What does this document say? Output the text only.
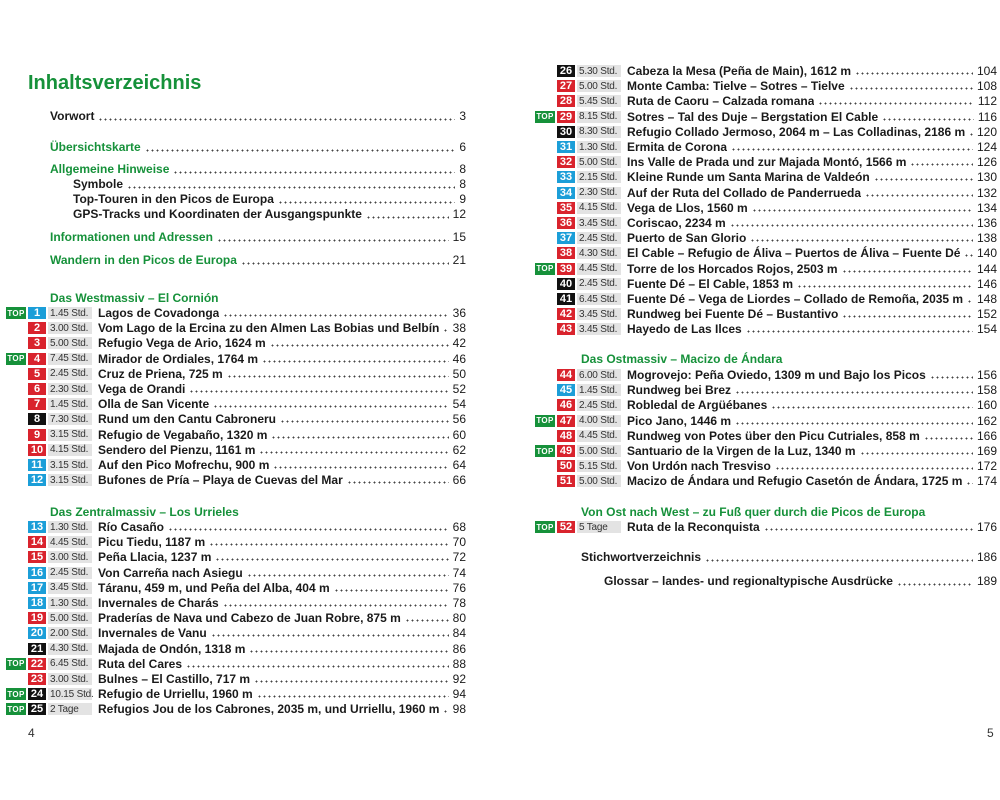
Inhaltsverzeichnis
Vorwort	3
Übersichtskarte	6
Allgemeine Hinweise	8
Symbole	8
Top-Touren in den Picos de Europa	9
GPS-Tracks und Koordinaten der Ausgangspunkte	12
Informationen und Adressen	15
Wandern in den Picos de Europa	21
Das Westmassiv – El Cornión
Das Zentralmassiv – Los Urrieles
TOP 1 1.45 Std. Lagos de Covadonga	36
2 3.00 Std. Vom Lago de la Ercina zu den Almen Las Bobias und Belbín 38
3 5.00 Std. Refugio Vega de Ario, 1624 m	42
TOP 4 7.45 Std. Mirador de Ordiales, 1764 m	46
5 2.45 Std. Cruz de Priena, 725 m	50
6 2.30 Std. Vega de Orandi	52
7 1.45 Std. Olla de San Vicente	54
8 7.30 Std. Rund um den Cantu Cabroneru	56
9 3.15 Std. Refugio de Vegabaño, 1320 m	60
10 4.15 Std. Sendero del Pienzu, 1161 m	62
11 3.15 Std. Auf den Pico Mofrechu, 900 m	64
12 3.15 Std. Bufones de Pría – Playa de Cuevas del Mar	66
13 1.30 Std. Río Casaño	68
14 4.45 Std. Picu Tiedu, 1187 m	70
15 3.00 Std. Peña Llacia, 1237 m	72
16 2.45 Std. Von Carreña nach Asiegu	74
17 3.45 Std. Táranu, 459 m, und Peña del Alba, 404 m	76
18 1.30 Std. Invernales de Charás	78
19 5.00 Std. Praderías de Nava und Cabezo de Juan Robre, 875 m	80
20 2.00 Std. Invernales de Vanu	84
21 4.30 Std. Majada de Ondón, 1318 m	86
TOP 22 6.45 Std. Ruta del Cares	88
23 3.00 Std. Bulnes – El Castillo, 717 m	92
TOP 24 10.15 Std. Refugio de Urriellu, 1960 m	94
TOP 25 2 Tage	Refugios Jou de los Cabrones, 2035 m, und Urriellu, 1960 m 98
4
26 5.30 Std. Cabeza la Mesa (Peña de Main), 1612 m	104
27 5.00 Std. Monte Camba: Tielve – Sotres – Tielve	108
28 5.45 Std. Ruta de Caoru – Calzada romana	112
TOP 29 8.15 Std. Sotres – Tal des Duje – Bergstation El Cable	116
30 8.30 Std. Refugio Collado Jermoso, 2064 m – Las Colladinas, 2186 m 120
31 1.30 Std. Ermita de Corona	124
32 5.00 Std. Ins Valle de Prada und zur Majada Montó, 1566 m	126
33 2.15 Std. Kleine Runde um Santa Marina de Valdeón	130
34 2.30 Std. Auf der Ruta del Collado de Panderrueda	132
35 4.15 Std. Vega de Llos, 1560 m	134
36 3.45 Std. Coriscao, 2234 m	136
37 2.45 Std. Puerto de San Glorio	138
38 4.30 Std. El Cable – Refugio de Áliva – Puertos de Áliva – Fuente Dé 140
TOP 39 4.45 Std. Torre de los Horcados Rojos, 2503 m	144
40 2.45 Std. Fuente Dé – El Cable, 1853 m	146
41 6.45 Std. Fuente Dé – Vega de Liordes – Collado de Remoña, 2035 m 148
42 3.45 Std. Rundweg bei Fuente Dé – Bustantivo	152
43 3.45 Std. Hayedo de Las Ilces	154
44 6.00 Std. Mogrovejo: Peña Oviedo, 1309 m und Bajo los Picos	156
45 1.45 Std. Rundweg bei Brez	158
46 2.45 Std. Robledal de Argüébanes	160
TOP 47 4.00 Std. Pico Jano, 1446 m	162
48 4.45 Std. Rundweg von Potes über den Picu Cutriales, 858 m	166
TOP 49 5.00 Std. Santuario de la Virgen de la Luz, 1340 m	169
50 5.15 Std. Von Urdón nach Tresviso	172
51 5.00 Std. Macizo de Ándara und Refugio Casetón de Ándara, 1725 m 174
TOP 52 5 Tage	Ruta de la Reconquista	176
Das Ostmassiv – Macizo de Ándara
Von Ost nach West – zu Fuß quer durch die Picos de Europa
Stichwortverzeichnis	186
Glossar – landes- und regionaltypische Ausdrücke	189
5
